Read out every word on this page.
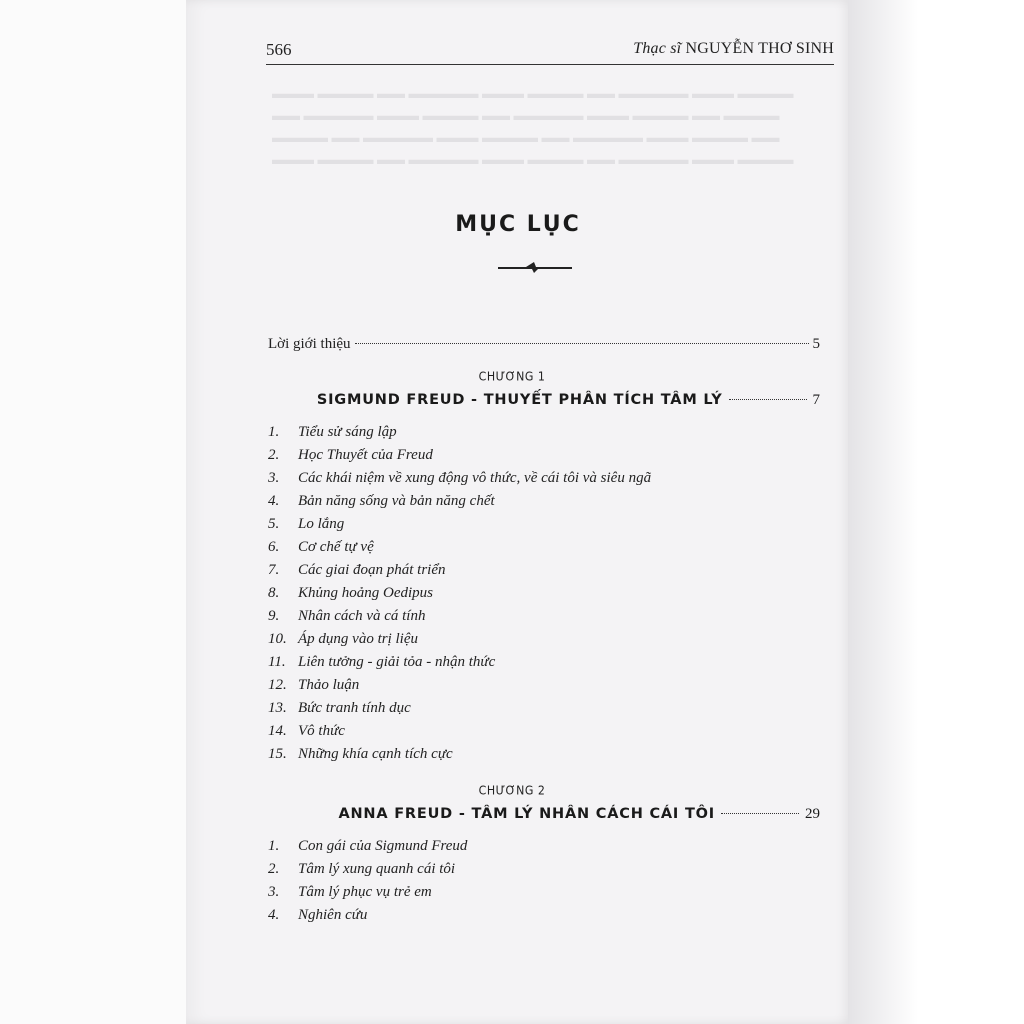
▬▬▬ ▬▬▬▬ ▬▬ ▬▬▬▬▬ ▬▬▬ ▬▬▬▬ ▬▬ ▬▬▬▬▬ ▬▬▬ ▬▬▬▬
▬▬ ▬▬▬▬▬ ▬▬▬ ▬▬▬▬ ▬▬ ▬▬▬▬▬ ▬▬▬ ▬▬▬▬ ▬▬ ▬▬▬▬
▬▬▬▬ ▬▬ ▬▬▬▬▬ ▬▬▬ ▬▬▬▬ ▬▬ ▬▬▬▬▬ ▬▬▬ ▬▬▬▬ ▬▬
▬▬▬ ▬▬▬▬ ▬▬ ▬▬▬▬▬ ▬▬▬ ▬▬▬▬ ▬▬ ▬▬▬▬▬ ▬▬▬ ▬▬▬▬
566	Thạc sĩ NGUYỄN THƠ SINH
MỤC LỤC
Lời giới thiệu	5
CHƯƠNG 1
SIGMUND FREUD - THUYẾT PHÂN TÍCH TÂM LÝ	7
1. Tiểu sử sáng lập
2. Học Thuyết của Freud
3. Các khái niệm về xung động vô thức, về cái tôi và siêu ngã
4. Bản năng sống và bản năng chết
5. Lo lắng
6. Cơ chế tự vệ
7. Các giai đoạn phát triển
8. Khủng hoảng Oedipus
9. Nhân cách và cá tính
10. Áp dụng vào trị liệu
11. Liên tưởng - giải tỏa - nhận thức
12. Thảo luận
13. Bức tranh tính dục
14. Vô thức
15. Những khía cạnh tích cực
CHƯƠNG 2
ANNA FREUD - TÂM LÝ NHÂN CÁCH CÁI TÔI	29
1. Con gái của Sigmund Freud
2. Tâm lý xung quanh cái tôi
3. Tâm lý phục vụ trẻ em
4. Nghiên cứu
